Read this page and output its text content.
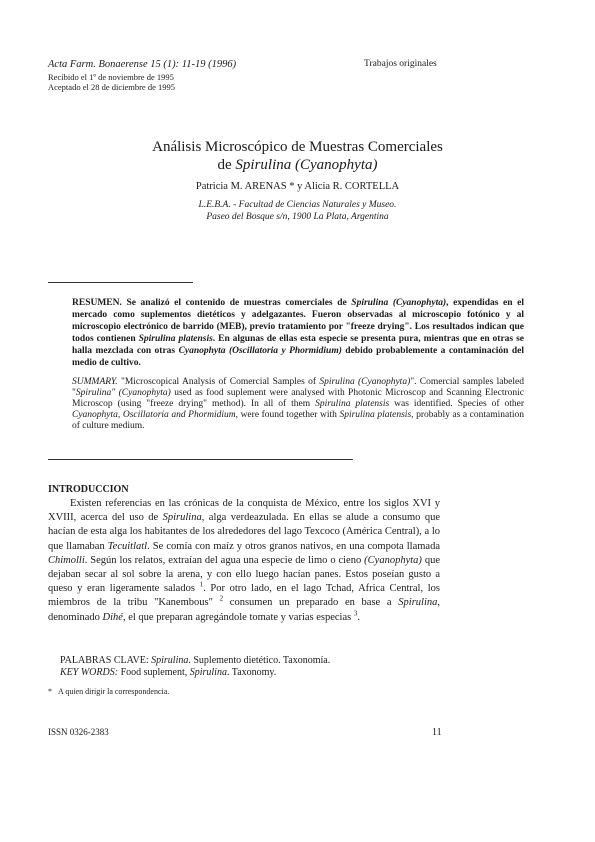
Acta Farm. Bonaerense 15 (1): 11-19 (1996)	Trabajos originales
Recibido el 1º de noviembre de 1995
Aceptado el 28 de diciembre de 1995
Análisis Microscópico de Muestras Comerciales
de Spirulina (Cyanophyta)
Patricia M. ARENAS * y Alicia R. CORTELLA
L.E.B.A. - Facultad de Ciencias Naturales y Museo.
Paseo del Bosque s/n, 1900 La Plata, Argentina
RESUMEN. Se analizó el contenido de muestras comerciales de Spirulina (Cyanophyta), expendidas en el mercado como suplementos dietéticos y adelgazantes. Fueron observadas al microscopio fotónico y al microscopio electrónico de barrido (MEB), previo tratamiento por "freeze drying". Los resultados indican que todos contienen Spirulina platensis. En algunas de ellas esta especie se presenta pura, mientras que en otras se halla mezclada con otras Cyanophyta (Oscillatoria y Phormidium) debido probablemente a contaminación del medio de cultivo.
SUMMARY. "Microscopical Analysis of Comercial Samples of Spirulina (Cyanophyta)". Comercial samples labeled "Spirulina" (Cyanophyta) used as food suplement were analysed with Photonic Microscop and Scanning Electronic Microscop (using "freeze drying" method). In all of them Spirulina platensis was identified. Species of other Cyanophyta, Oscillatoria and Phormidium, were found together with Spirulina platensis, probably as a contamination of culture medium.
INTRODUCCION

Existen referencias en las crónicas de la conquista de México, entre los siglos XVI y XVIII, acerca del uso de Spirulina, alga verdeazulada. En ellas se alude a consumo que hacían de esta alga los habitantes de los alrededores del lago Texcoco (América Central), a lo que llamaban Tecuitlatl. Se comía con maíz y otros granos nativos, en una compota llamada Chimolli. Según los relatos, extraían del agua una especie de limo o cieno (Cyanophyta) que dejaban secar al sol sobre la arena, y con ello luego hacían panes. Estos poseían gusto a queso y eran ligeramente salados $^1$. Por otro lado, en el lago Tchad, Africa Central, los miembros de la tribu "Kanembous" $^2$ consumen un preparado en base a Spirulina, denominado Dihé, el que preparan agregándole tomate y varias especias $^3$.

PALABRAS CLAVE: Spirulina. Suplemento dietético. Taxonomía.
KEY WORDS: Food suplement, Spirulina. Taxonomy.
* A quien dirigir la correspondencia.
ISSN 0326-2383	11
